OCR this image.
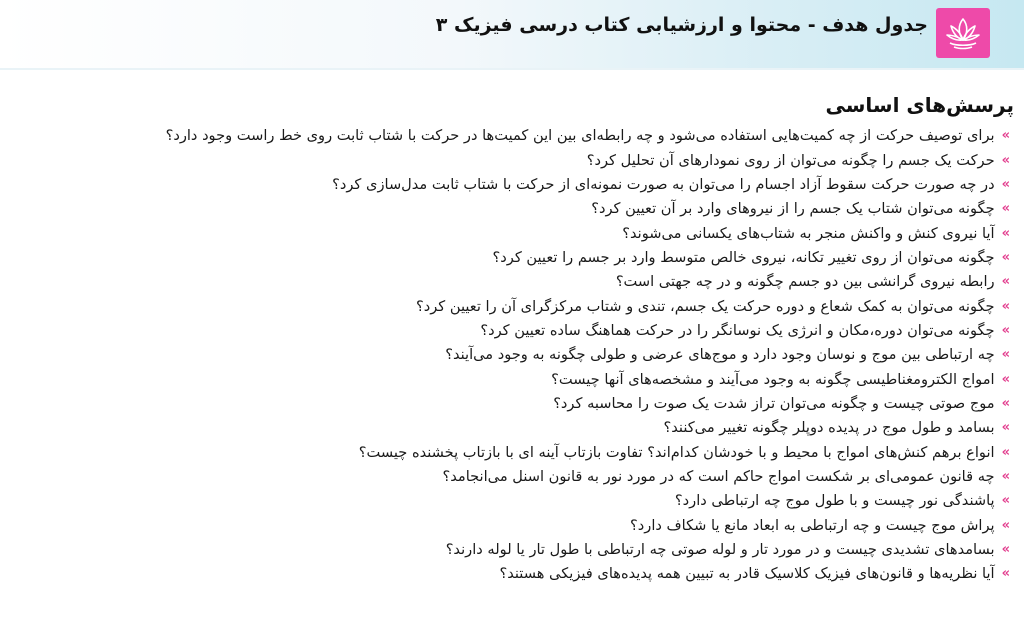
جدول هدف - محتوا و ارزشیابی کتاب درسی فیزیک ۳
پرسش‌های اساسی
»
برای توصیف حرکت از چه کمیت‌هایی استفاده می‌شود و چه رابطه‌ای بین این کمیت‌ها در حرکت با شتاب ثابت روی خط راست وجود دارد؟
»
حرکت یک جسم را چگونه می‌توان از روی نمودارهای آن تحلیل کرد؟
»
در چه صورت حرکت سقوط آزاد اجسام را می‌توان به صورت نمونه‌ای از حرکت با شتاب ثابت مدل‌سازی کرد؟
»
چگونه می‌توان شتاب یک جسم را از نیروهای وارد بر آن تعیین کرد؟
»
آیا نیروی کنش و واکنش منجر به شتاب‌های یکسانی می‌شوند؟
»
چگونه می‌توان از روی تغییر تکانه، نیروی خالص متوسط وارد بر جسم را تعیین کرد؟
»
رابطه نیروی گرانشی بین دو جسم چگونه و در چه جهتی است؟
»
چگونه می‌توان به کمک شعاع و دوره حرکت یک جسم، تندی و شتاب مرکزگرای آن را تعیین کرد؟
»
چگونه می‌توان دوره،مکان و انرژی یک نوسانگر را در حرکت هماهنگ ساده تعیین کرد؟
»
چه ارتباطی بین موج و نوسان وجود دارد و موج‌های عرضی و طولی چگونه به وجود می‌آیند؟
»
امواج الکترومغناطیسی چگونه به وجود می‌آیند و مشخصه‌های آنها چیست؟
»
موج صوتی چیست و چگونه می‌توان تراز شدت یک صوت را محاسبه کرد؟
»
بسامد و طول موج در پدیده دوپلر چگونه تغییر می‌کنند؟
»
انواع برهم کنش‌های امواج با محیط و با خودشان کدام‌اند؟ تفاوت بازتاب آینه ای با بازتاب پخشنده چیست؟
»
چه قانون عمومی‌ای بر شکست امواج حاکم است که در مورد نور به قانون اسنل می‌انجامد؟
»
پاشندگی نور چیست و با طول موج چه ارتباطی دارد؟
»
پراش موج چیست و چه ارتباطی به ابعاد مانع یا شکاف دارد؟
»
بسامدهای تشدیدی چیست و در مورد تار و لوله صوتی چه ارتباطی با طول تار یا لوله دارند؟
»
آیا نظریه‌ها و قانون‌های فیزیک کلاسیک قادر به تبیین همه پدیده‌های فیزیکی هستند؟
